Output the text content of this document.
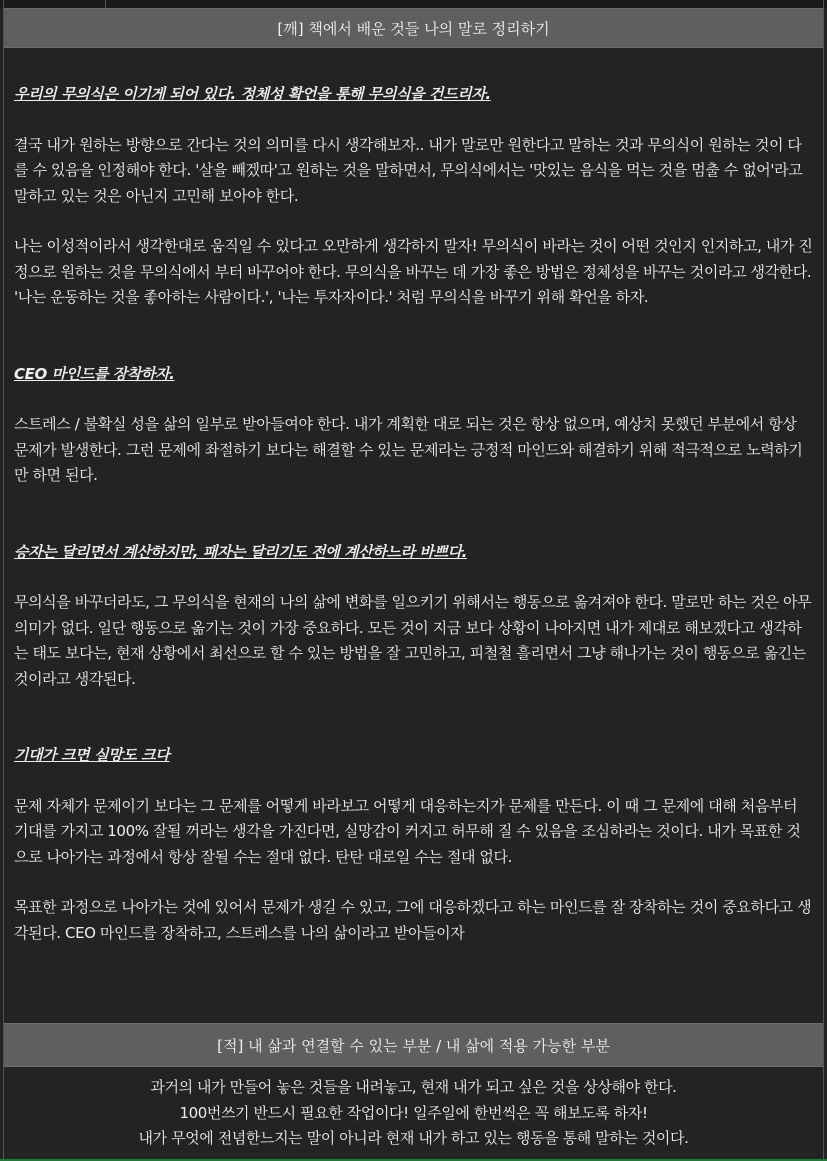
[깨] 책에서 배운 것들 나의 말로 정리하기
우리의 무의식은 이기게 되어 있다. 정체성 확언을 통해 무의식을 건드리자.

결국 내가 원하는 방향으로 간다는 것의 의미를 다시 생각해보자.. 내가 말로만 원한다고 말하는 것과 무의식이 원하는 것이 다를 수 있음을 인정해야 한다. '살을 빼겠따'고 원하는 것을 말하면서, 무의식에서는 '맛있는 음식을 먹는 것을 멈출 수 없어'라고 말하고 있는 것은 아닌지 고민해 보아야 한다.

나는 이성적이라서 생각한대로 움직일 수 있다고 오만하게 생각하지 말자! 무의식이 바라는 것이 어떤 것인지 인지하고, 내가 진정으로 원하는 것을 무의식에서 부터 바꾸어야 한다. 무의식을 바꾸는 데 가장 좋은 방법은 정체성을 바꾸는 것이라고 생각한다. '나는 운동하는 것을 좋아하는 사람이다.', '나는 투자자이다.' 처럼 무의식을 바꾸기 위해 확언을 하자.

CEO 마인드를 장착하자.

스트레스 / 불확실 성을 삶의 일부로 받아들여야 한다. 내가 계획한 대로 되는 것은 항상 없으며, 예상치 못했던 부분에서 항상 문제가 발생한다. 그런 문제에 좌절하기 보다는 해결할 수 있는 문제라는 긍정적 마인드와 해결하기 위해 적극적으로 노력하기만 하면 된다.

승자는 달리면서 계산하지만, 패자는 달리기도 전에 계산하느라 바쁘다.

무의식을 바꾸더라도, 그 무의식을 현재의 나의 삶에 변화를 일으키기 위해서는 행동으로 옮겨져야 한다. 말로만 하는 것은 아무 의미가 없다. 일단 행동으로 옮기는 것이 가장 중요하다. 모든 것이 지금 보다 상황이 나아지면 내가 제대로 해보겠다고 생각하는 태도 보다는, 현재 상황에서 최선으로 할 수 있는 방법을 잘 고민하고, 피철철 흘리면서 그냥 해나가는 것이 행동으로 옮긴는 것이라고 생각된다.

기대가 크면 실망도 크다

문제 자체가 문제이기 보다는 그 문제를 어떻게 바라보고 어떻게 대응하는지가 문제를 만든다. 이 때 그 문제에 대해 처음부터 기대를 가지고 100% 잘될 꺼라는 생각을 가진다면, 실망감이 커지고 허무해 질 수 있음을 조심하라는 것이다. 내가 목표한 것으로 나아가는 과정에서 항상 잘될 수는 절대 없다. 탄탄 대로일 수는 절대 없다.

목표한 과정으로 나아가는 것에 있어서 문제가 생길 수 있고, 그에 대응하겠다고 하는 마인드를 잘 장착하는 것이 중요하다고 생각된다. CEO 마인드를 장착하고, 스트레스를 나의 삶이라고 받아들이자

[적] 내 삶과 연결할 수 있는 부분 / 내 삶에 적용 가능한 부분
과거의 내가 만들어 놓은 것들을 내려놓고, 현재 내가 되고 싶은 것을 상상해야 한다.
100번쓰기 반드시 필요한 작업이다! 일주일에 한번씩은 꼭 해보도록 하자!
내가 무엇에 전념한느지는 말이 아니라 현재 내가 하고 있는 행동을 통해 말하는 것이다.
